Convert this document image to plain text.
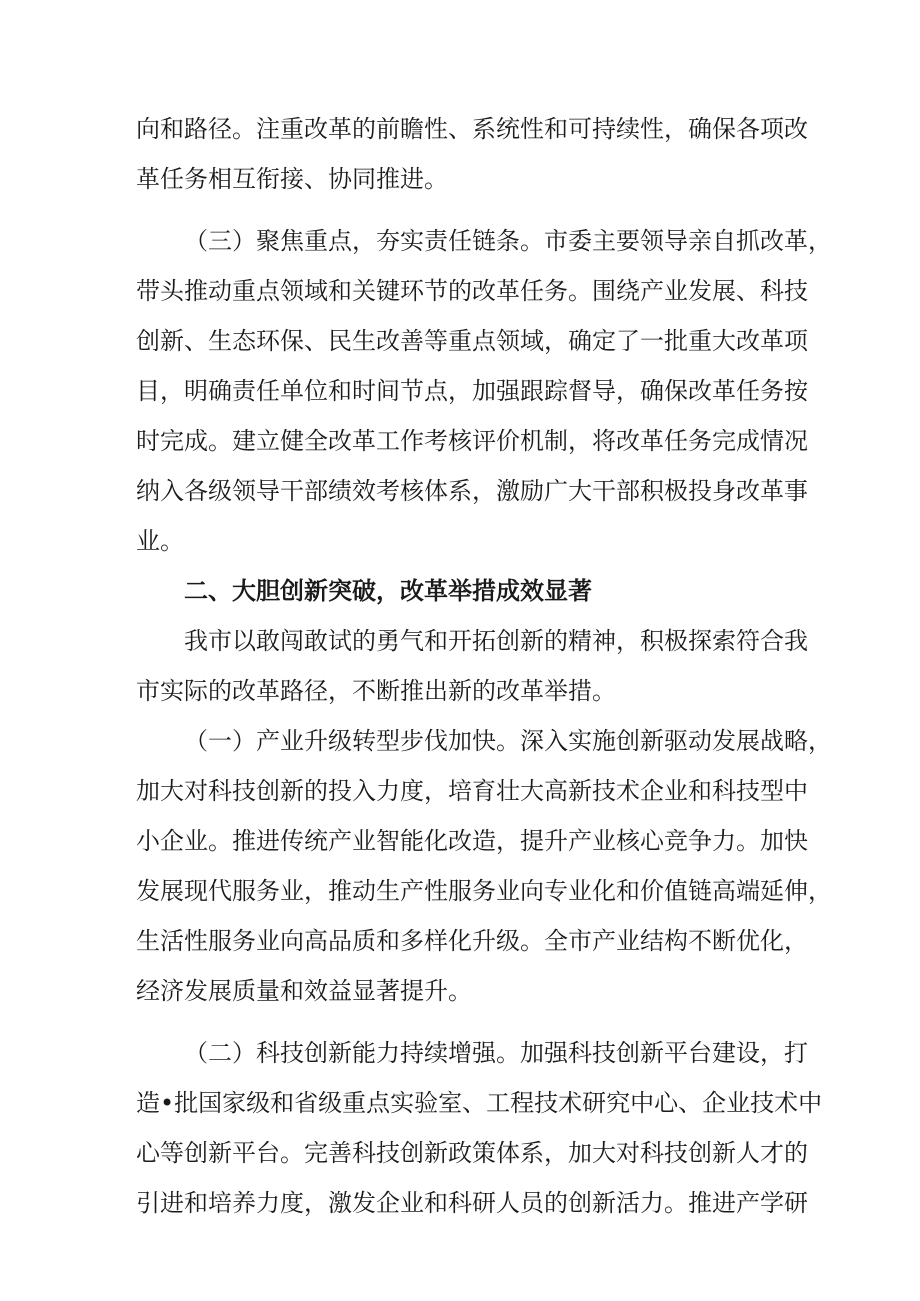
向和路径。注重改革的前瞻性、系统性和可持续性，确保各项改
革任务相互衔接、协同推进。
（三）聚焦重点，夯实责任链条。市委主要领导亲自抓改革，
带头推动重点领域和关键环节的改革任务。围绕产业发展、科技
创新、生态环保、民生改善等重点领域，确定了一批重大改革项
目，明确责任单位和时间节点，加强跟踪督导，确保改革任务按
时完成。建立健全改革工作考核评价机制，将改革任务完成情况
纳入各级领导干部绩效考核体系，激励广大干部积极投身改革事
业。
二、大胆创新突破，改革举措成效显著
我市以敢闯敢试的勇气和开拓创新的精神，积极探索符合我
市实际的改革路径，不断推出新的改革举措。
（一）产业升级转型步伐加快。深入实施创新驱动发展战略，
加大对科技创新的投入力度，培育壮大高新技术企业和科技型中
小企业。推进传统产业智能化改造，提升产业核心竞争力。加快
发展现代服务业，推动生产性服务业向专业化和价值链高端延伸，
生活性服务业向高品质和多样化升级。全市产业结构不断优化，
经济发展质量和效益显著提升。
（二）科技创新能力持续增强。加强科技创新平台建设，打
造•批国家级和省级重点实验室、工程技术研究中心、企业技术中
心等创新平台。完善科技创新政策体系，加大对科技创新人才的
引进和培养力度，激发企业和科研人员的创新活力。推进产学研
